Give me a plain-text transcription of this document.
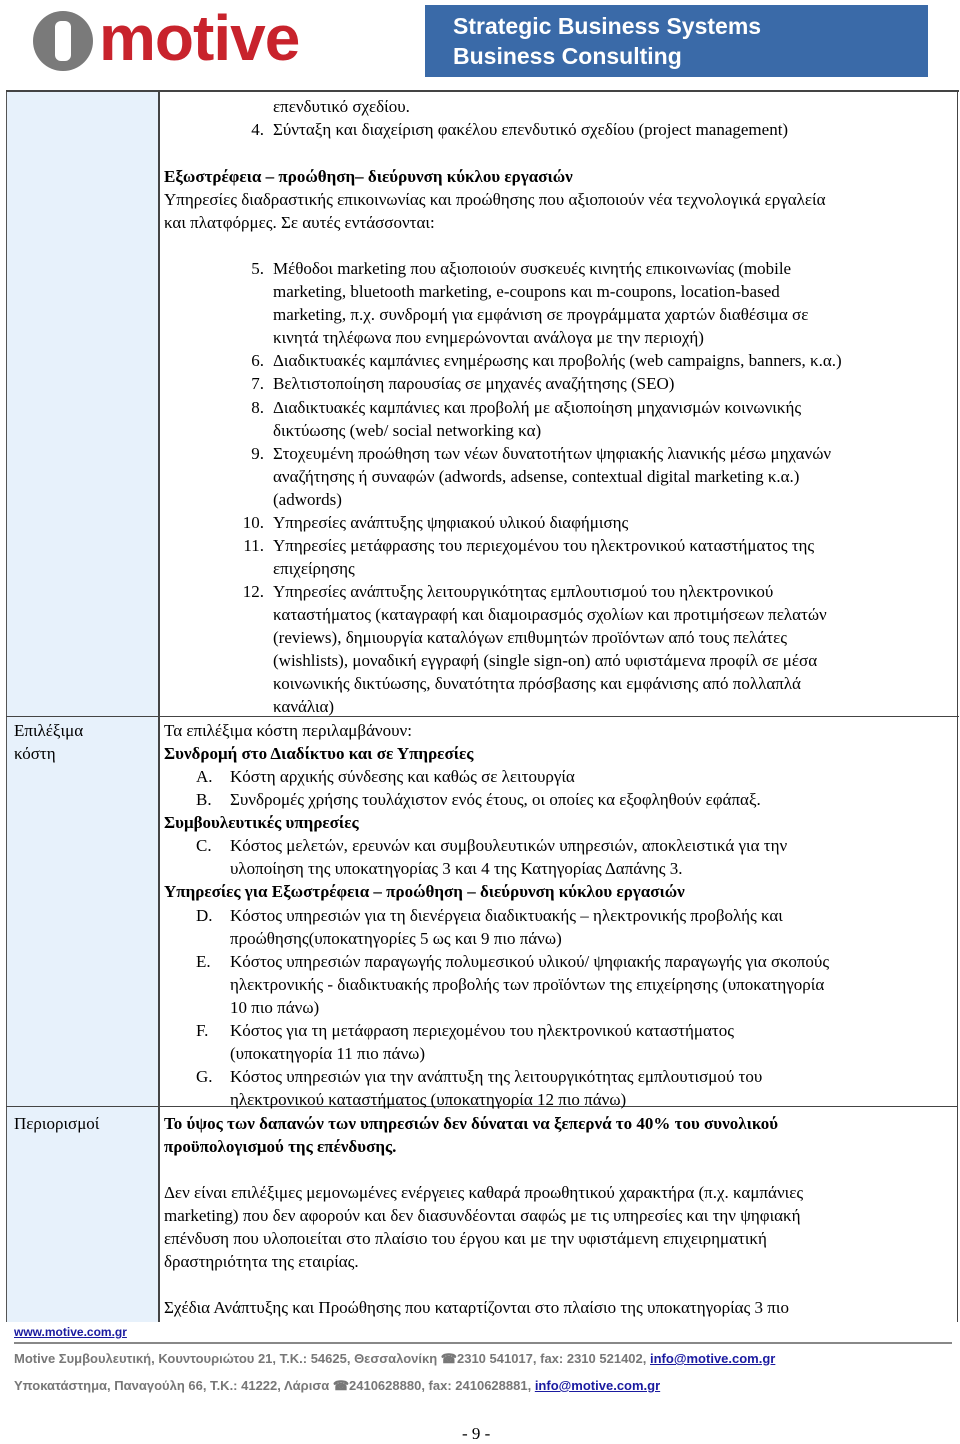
motive	Strategic Business Systems
Business Consulting
Επιλέξιμα
κόστη
Περιορισμοί
επενδυτικό σχεδίου.
4. Σύνταξη και διαχείριση φακέλου επενδυτικό σχεδίου (project management)
Εξωστρέφεια – προώθηση– διεύρυνση κύκλου εργασιών
Υπηρεσίες διαδραστικής επικοινωνίας και προώθησης που αξιοποιούν νέα τεχνολογικά εργαλεία
και πλατφόρμες. Σε αυτές εντάσσονται:
5. Μέθοδοι marketing που αξιοποιούν συσκευές κινητής επικοινωνίας (mobile
marketing, bluetooth marketing, e-coupons και m-coupons, location-based
marketing, π.χ. συνδρομή για εμφάνιση σε προγράμματα χαρτών διαθέσιμα σε
κινητά τηλέφωνα που ενημερώνονται ανάλογα με την περιοχή)
6. Διαδικτυακές καμπάνιες ενημέρωσης και προβολής (web campaigns, banners, κ.α.)
7. Βελτιστοποίηση παρουσίας σε μηχανές αναζήτησης (SEO)
8. Διαδικτυακές καμπάνιες και προβολή με αξιοποίηση μηχανισμών κοινωνικής
δικτύωσης (web/ social networking κα)
9. Στοχευμένη προώθηση των νέων δυνατοτήτων ψηφιακής λιανικής μέσω μηχανών
αναζήτησης ή συναφών (adwords, adsense, contextual digital marketing κ.α.)
(adwords)
10. Υπηρεσίες ανάπτυξης ψηφιακού υλικού διαφήμισης
11. Υπηρεσίες μετάφρασης του περιεχομένου του ηλεκτρονικού καταστήματος της
επιχείρησης
12. Υπηρεσίες ανάπτυξης λειτουργικότητας εμπλουτισμού του ηλεκτρονικού
καταστήματος (καταγραφή και διαμοιρασμός σχολίων και προτιμήσεων πελατών
(reviews), δημιουργία καταλόγων επιθυμητών προϊόντων από τους πελάτες
(wishlists), μοναδική εγγραφή (single sign-on) από υφιστάμενα προφίλ σε μέσα
κοινωνικής δικτύωσης, δυνατότητα πρόσβασης και εμφάνισης από πολλαπλά
κανάλια)
Τα επιλέξιμα κόστη περιλαμβάνουν:
Συνδρομή στο Διαδίκτυο και σε Υπηρεσίες
A. Κόστη αρχικής σύνδεσης και καθώς σε λειτουργία
B. Συνδρομές χρήσης τουλάχιστον ενός έτους, οι οποίες κα εξοφληθούν εφάπαξ.
Συμβουλευτικές υπηρεσίες
C. Κόστος μελετών, ερευνών και συμβουλευτικών υπηρεσιών, αποκλειστικά για την
υλοποίηση της υποκατηγορίας 3 και 4 της Κατηγορίας Δαπάνης 3.
Υπηρεσίες για Εξωστρέφεια – προώθηση – διεύρυνση κύκλου εργασιών
D. Κόστος υπηρεσιών για τη διενέργεια διαδικτυακής – ηλεκτρονικής προβολής και
προώθησης(υποκατηγορίες 5 ως και 9 πιο πάνω)
E. Κόστος υπηρεσιών παραγωγής πολυμεσικού υλικού/ ψηφιακής παραγωγής για σκοπούς
ηλεκτρονικής - διαδικτυακής προβολής των προϊόντων της επιχείρησης (υποκατηγορία
10 πιο πάνω)
F. Κόστος για τη μετάφραση περιεχομένου του ηλεκτρονικού καταστήματος
(υποκατηγορία 11 πιο πάνω)
G. Κόστος υπηρεσιών για την ανάπτυξη της λειτουργικότητας εμπλουτισμού του
ηλεκτρονικού καταστήματος (υποκατηγορία 12 πιο πάνω)
Το ύψος των δαπανών των υπηρεσιών δεν δύναται να ξεπερνά το 40% του συνολικού
προϋπολογισμού της επένδυσης.
Δεν είναι επιλέξιμες μεμονωμένες ενέργειες καθαρά προωθητικού χαρακτήρα (π.χ. καμπάνιες
marketing) που δεν αφορούν και δεν διασυνδέονται σαφώς με τις υπηρεσίες και την ψηφιακή
επένδυση που υλοποιείται στο πλαίσιο του έργου και με την υφιστάμενη επιχειρηματική
δραστηριότητα της εταιρίας.
Σχέδια Ανάπτυξης και Προώθησης που καταρτίζονται στο πλαίσιο της υποκατηγορίας 3 πιο
www.motive.com.gr
Motive Συμβουλευτική, Κουντουριώτου 21, Τ.Κ.: 54625, Θεσσαλονίκη ☎2310 541017, fax: 2310 521402, info@motive.com.gr
Υποκατάστημα, Παναγούλη 66, Τ.Κ.: 41222, Λάρισα ☎2410628880, fax: 2410628881, info@motive.com.gr
- 9 -
